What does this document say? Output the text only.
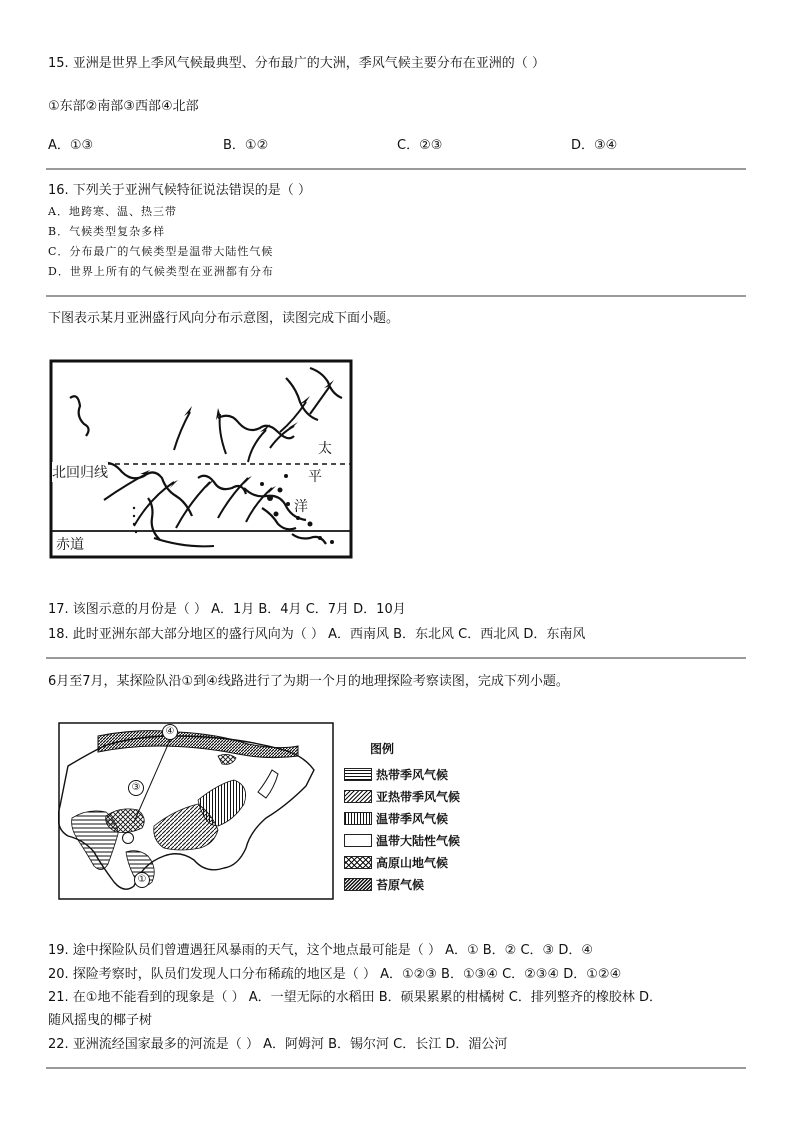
15. 亚洲是世界上季风气候最典型、分布最广的大洲，季风气候主要分布在亚洲的（ ）
①东部②南部③西部④北部
A．①③	B．①②	C．②③	D．③④
16. 下列关于亚洲气候特征说法错误的是（ ）
A．地跨寒、温、热三带
B．气候类型复杂多样
C．分布最广的气候类型是温带大陆性气候
D．世界上所有的气候类型在亚洲都有分布
下图表示某月亚洲盛行风向分布示意图，读图完成下面小题。
北回归线
赤道
太
平
洋
17. 该图示意的月份是（ ） A．1月 B．4月 C．7月 D．10月
18. 此时亚洲东部大部分地区的盛行风向为（ ） A．西南风 B．东北风 C．西北风 D．东南风
6月至7月，某探险队沿①到④线路进行了为期一个月的地理探险考察读图，完成下列小题。
④
③
①
图例
热带季风气候
亚热带季风气候
温带季风气候
温带大陆性气候
高原山地气候
苔原气候
19. 途中探险队员们曾遭遇狂风暴雨的天气，这个地点最可能是（ ） A．① B．② C．③ D．④
20. 探险考察时，队员们发现人口分布稀疏的地区是（ ） A．①②③ B．①③④ C．②③④ D．①②④
21. 在①地不能看到的现象是（ ） A．一望无际的水稻田 B．硕果累累的柑橘树 C．排列整齐的橡胶林 D．
随风摇曳的椰子树
22. 亚洲流经国家最多的河流是（ ） A．阿姆河 B．锡尔河 C．长江 D．湄公河
